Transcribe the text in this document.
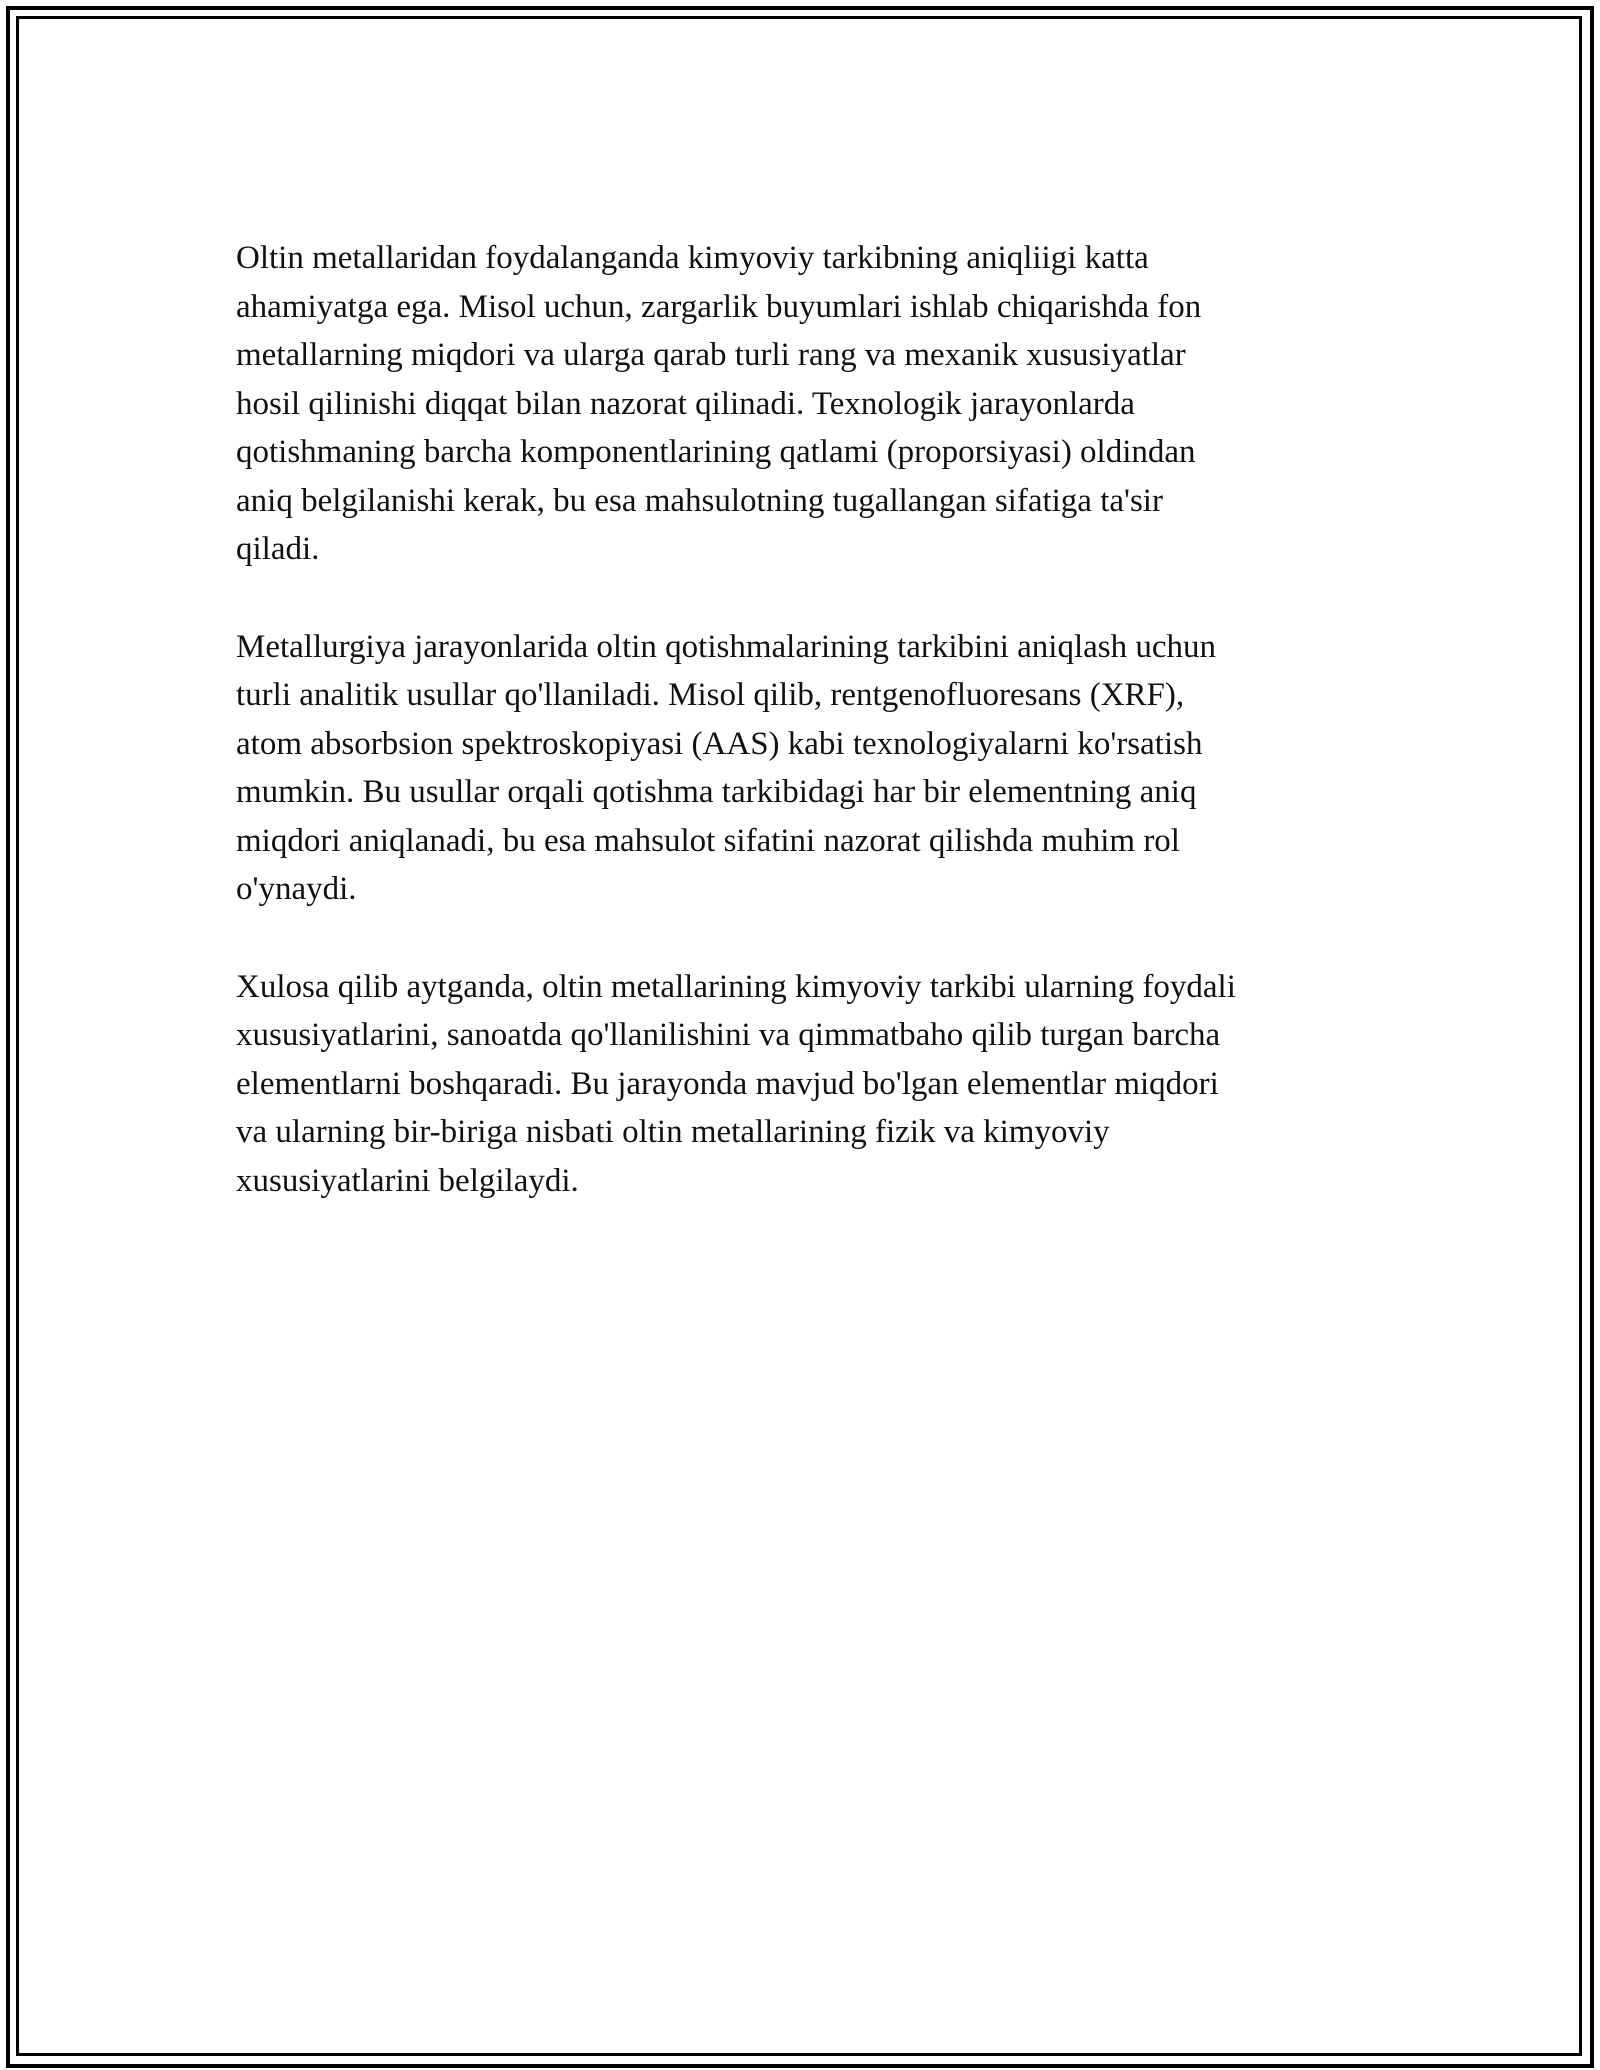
Oltin metallaridan foydalanganda kimyoviy tarkibning aniqliigi katta
ahamiyatga ega. Misol uchun, zargarlik buyumlari ishlab chiqarishda fon
metallarning miqdori va ularga qarab turli rang va mexanik xususiyatlar
hosil qilinishi diqqat bilan nazorat qilinadi. Texnologik jarayonlarda
qotishmaning barcha komponentlarining qatlami (proporsiyasi) oldindan
aniq belgilanishi kerak, bu esa mahsulotning tugallangan sifatiga ta'sir
qiladi.

Metallurgiya jarayonlarida oltin qotishmalarining tarkibini aniqlash uchun
turli analitik usullar qo'llaniladi. Misol qilib, rentgenofluoresans (XRF),
atom absorbsion spektroskopiyasi (AAS) kabi texnologiyalarni ko'rsatish
mumkin. Bu usullar orqali qotishma tarkibidagi har bir elementning aniq
miqdori aniqlanadi, bu esa mahsulot sifatini nazorat qilishda muhim rol
o'ynaydi.

Xulosa qilib aytganda, oltin metallarining kimyoviy tarkibi ularning foydali
xususiyatlarini, sanoatda qo'llanilishini va qimmatbaho qilib turgan barcha
elementlarni boshqaradi. Bu jarayonda mavjud bo'lgan elementlar miqdori
va ularning bir-biriga nisbati oltin metallarining fizik va kimyoviy
xususiyatlarini belgilaydi.
